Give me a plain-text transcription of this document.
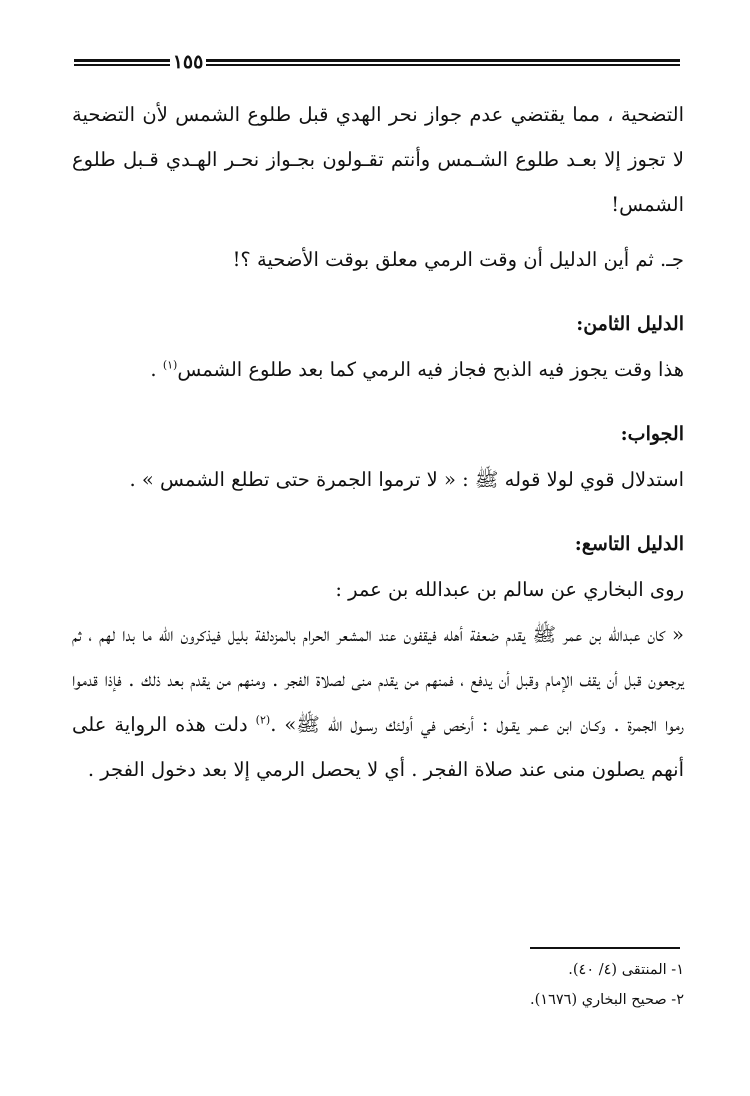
١٥٥

التضحية ، مما يقتضي عدم جواز نحر الهدي قبل طلوع الشمس لأن التضحية لا تجوز إلا بعـد طلوع الشـمس وأنتم تقـولون بجـواز نحـر الهـدي قـبل طلوع الشمس!

جـ. ثم أين الدليل أن وقت الرمي معلق بوقت الأضحية ؟!

الدليل الثامن:

هذا وقت يجوز فيه الذبح فجاز فيه الرمي كما بعد طلوع الشمس$^{(١)}$ .

الجواب:

استدلال قوي لولا قوله ﷺ : « لا ترموا الجمرة حتى تطلع الشمس » .

الدليل التاسع:

روى البخاري عن سالم بن عبدالله بن عمر :

« كان عبدالله بن عمر ﷺ يقدم ضعفة أهله فيقفون عند المشعر الحرام بالمزدلفة بليل فيذكرون الله ما بدا لهم ، ثم يرجعون قبل أن يقف الإمام وقبل أن يدفع ، فمنهم من يقدم منى لصلاة الفجر . ومنهم من يقدم بعد ذلك . فإذا قدموا رموا الجمرة . وكـان ابن عـمر يقـول : أرخص في أولئك رسـول الله ﷺ» .$^{(٢)}$ دلت هذه الرواية على أنهم يصلون منى عند صلاة الفجر . أي لا يحصل الرمي إلا بعد دخول الفجر .

١- المنتقى (٤/ ٤٠).

٢- صحيح البخاري (١٦٧٦).
